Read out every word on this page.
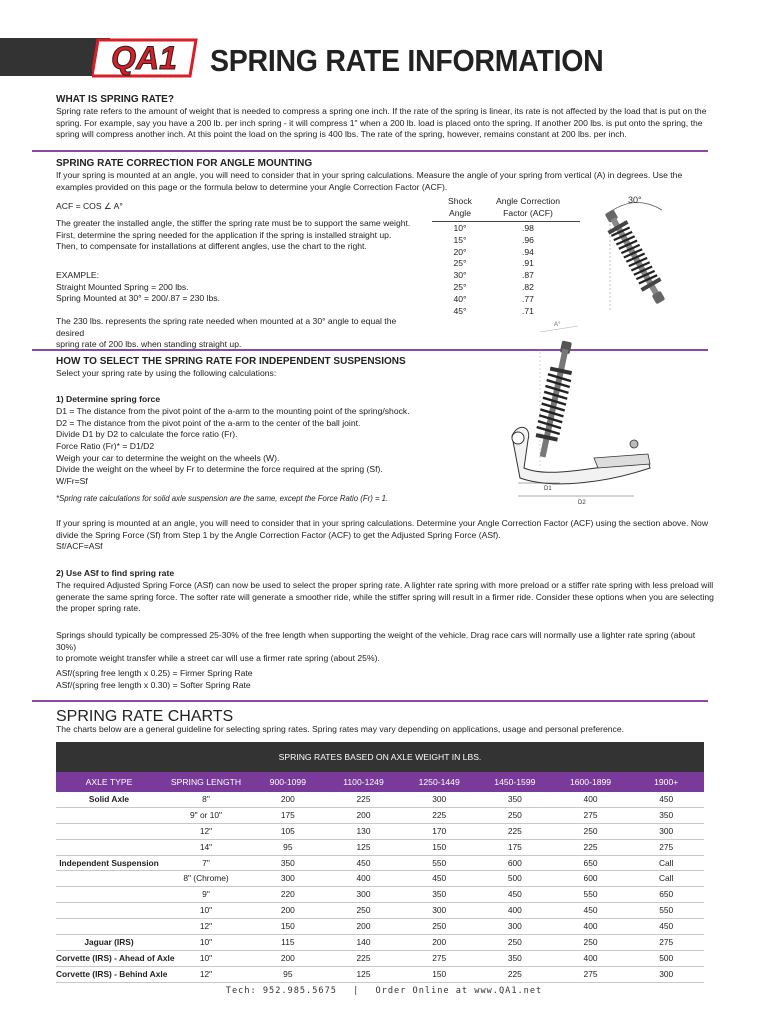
QA1 SPRING RATE INFORMATION
WHAT IS SPRING RATE?
Spring rate refers to the amount of weight that is needed to compress a spring one inch. If the rate of the spring is linear, its rate is not affected by the load that is put on the
spring. For example, say you have a 200 lb. per inch spring - it will compress 1" when a 200 lb. load is placed onto the spring. If another 200 lbs. is put onto the spring, the
spring will compress another inch. At this point the load on the spring is 400 lbs. The rate of the spring, however, remains constant at 200 lbs. per inch.
SPRING RATE CORRECTION FOR ANGLE MOUNTING
If your spring is mounted at an angle, you will need to consider that in your spring calculations. Measure the angle of your spring from vertical (A) in degrees. Use the
examples provided on this page or the formula below to determine your Angle Correction Factor (ACF).
ACF = COS ∠ A°
The greater the installed angle, the stiffer the spring rate must be to support the same weight.
First, determine the spring needed for the application if the spring is installed straight up.
Then, to compensate for installations at different angles, use the chart to the right.
EXAMPLE:
Straight Mounted Spring = 200 lbs.
Spring Mounted at 30° = 200/.87 = 230 lbs.
The 230 lbs. represents the spring rate needed when mounted at a 30° angle to equal the desired
spring rate of 200 lbs. when standing straight up.
Shock
Angle
Angle Correction
Factor (ACF)
10°	.98
15°	.96
20°	.94
25°	.91
30°	.87
25°	.82
40°	.77
45°	.71
30°
HOW TO SELECT THE SPRING RATE FOR INDEPENDENT SUSPENSIONS
Select your spring rate by using the following calculations:
1) Determine spring force
D1 = The distance from the pivot point of the a-arm to the mounting point of the spring/shock.
D2 = The distance from the pivot point of the a-arm to the center of the ball joint.
Divide D1 by D2 to calculate the force ratio (Fr).
Force Ratio (Fr)* = D1/D2
Weigh your car to determine the weight on the wheels (W).
Divide the weight on the wheel by Fr to determine the force required at the spring (Sf).
W/Fr=Sf
*Spring rate calculations for solid axle suspension are the same, except the Force Ratio (Fr) = 1.
A°
D1
D2
If your spring is mounted at an angle, you will need to consider that in your spring calculations. Determine your Angle Correction Factor (ACF) using the section above. Now
divide the Spring Force (Sf) from Step 1 by the Angle Correction Factor (ACF) to get the Adjusted Spring Force (ASf).
Sf/ACF=ASf
2) Use ASf to find spring rate
The required Adjusted Spring Force (ASf) can now be used to select the proper spring rate. A lighter rate spring with more preload or a stiffer rate spring with less preload will
generate the same spring force. The softer rate will generate a smoother ride, while the stiffer spring will result in a firmer ride. Consider these options when you are selecting
the proper spring rate.
Springs should typically be compressed 25-30% of the free length when supporting the weight of the vehicle. Drag race cars will normally use a lighter rate spring (about 30%)
to promote weight transfer while a street car will use a firmer rate spring (about 25%).
ASf/(spring free length x 0.25) = Firmer Spring Rate
ASf/(spring free length x 0.30) = Softer Spring Rate
SPRING RATE CHARTS
The charts below are a general guideline for selecting spring rates. Spring rates may vary depending on applications, usage and personal preference.
SPRING RATES BASED ON AXLE WEIGHT IN LBS.
AXLE TYPE	SPRING LENGTH	900-1099	1100-1249	1250-1449	1450-1599	1600-1899	1900+
Solid Axle	8"	200	225	300	350	400	450
9" or 10"	175	200	225	250	275	350
12"	105	130	170	225	250	300
14"	95	125	150	175	225	275
Independent Suspension	7"	350	450	550	600	650	Call
8" (Chrome)	300	400	450	500	600	Call
9"	220	300	350	450	550	650
10"	200	250	300	400	450	550
12"	150	200	250	300	400	450
Jaguar (IRS)	10"	115	140	200	250	250	275
Corvette (IRS) - Ahead of Axle	10"	200	225	275	350	400	500
Corvette (IRS) - Behind Axle	12"	95	125	150	225	275	300
Tech: 952.985.5675 | Order Online at www.QA1.net
